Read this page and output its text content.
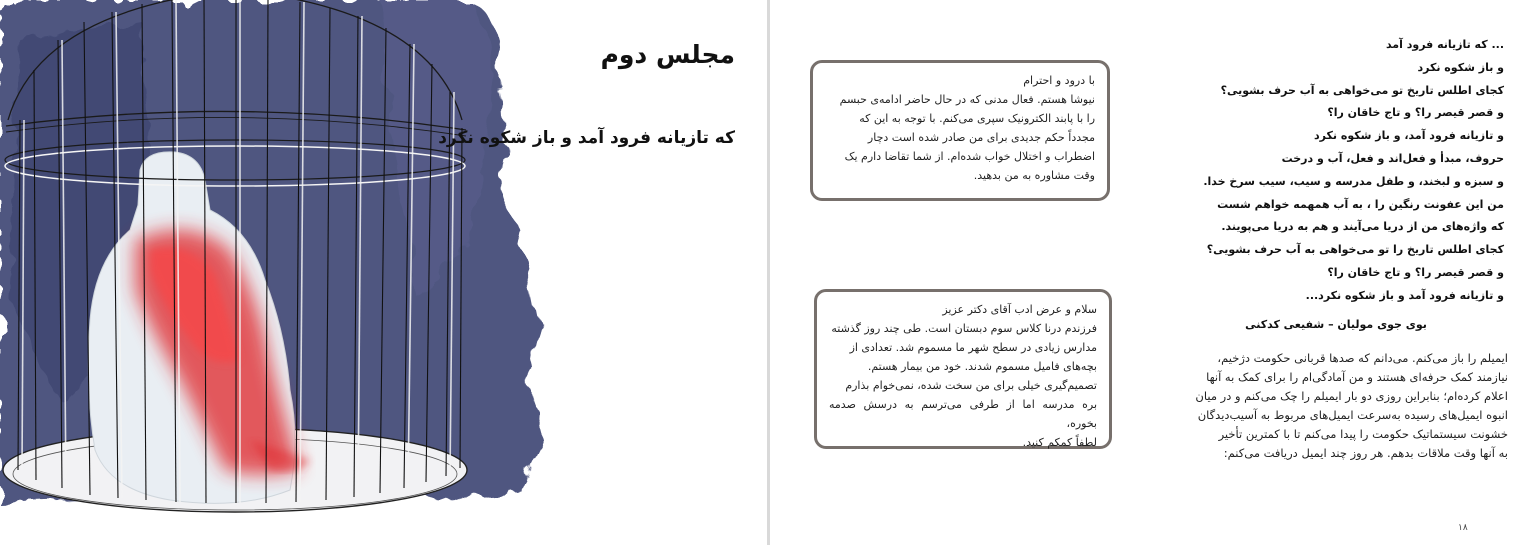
مجلس دوم
که تازیانه فرود آمد و باز شکوه نکرد

با درود و احترام

نیوشا هستم. فعال مدنی که در حال حاضر ادامه‌ی حبسم

را با پابند الکترونیک سپری می‌کنم. با توجه به این که

مجدداً حکم جدیدی برای من صادر شده است دچار

اضطراب و اختلال خواب شده‌ام. از شما تقاضا دارم یک

وقت مشاوره به من بدهید.

سلام و عرض ادب آقای دکتر عزیز

فرزندم درنا کلاس سوم دبستان است. طی چند روز گذشته

مدارس زیادی در سطح شهر ما مسموم شد. تعدادی از

بچه‌های فامیل مسموم شدند. خود من بیمار هستم.

تصمیم‌گیری خیلی برای من سخت شده، نمی‌خوام بذارم

بره مدرسه اما از طرفی می‌ترسم به درسش صدمه بخوره،

لطفاً کمکم کنید.

... که تازیانه فرود آمد
و باز شکوه نکرد
کجای اطلس تاریخ تو می‌خواهی به آب حرف بشویی؟
و قصر قیصر را؟ و تاج خاقان را؟
و تازیانه فرود آمد، و باز شکوه نکرد
حروف، مبدأ و فعل‌اند و فعل، آب و درخت
و سبزه و لبخند، و طفل مدرسه و سیب، سیب سرخ خدا.
من این عفونت رنگین را ، به آب همهمه خواهم شست
که واژه‌های من از دریا می‌آیند و هم به دریا می‌پویند.
کجای اطلس تاریخ را تو می‌خواهی به آب حرف بشویی؟
و قصر قیصر را؟ و تاج خاقان را؟
و تازیانه فرود آمد و باز شکوه نکرد...
بوی جوی مولیان – شفیعی کدکنی
ایمیلم را باز می‌کنم. می‌دانم که صدها قربانی حکومت دژخیم،
نیازمند کمک حرفه‌ای هستند و من آمادگی‌ام را برای کمک به آنها
اعلام کرده‌ام؛ بنابراین روزی دو بار ایمیلم را چک می‌کنم و در میان
انبوه ایمیل‌های رسیده به‌سرعت ایمیل‌های مربوط به آسیب‌دیدگان
خشونت سیستماتیک حکومت را پیدا می‌کنم تا با کمترین تأخیر
به آنها وقت ملاقات بدهم. هر روز چند ایمیل دریافت می‌کنم:
۱۸
